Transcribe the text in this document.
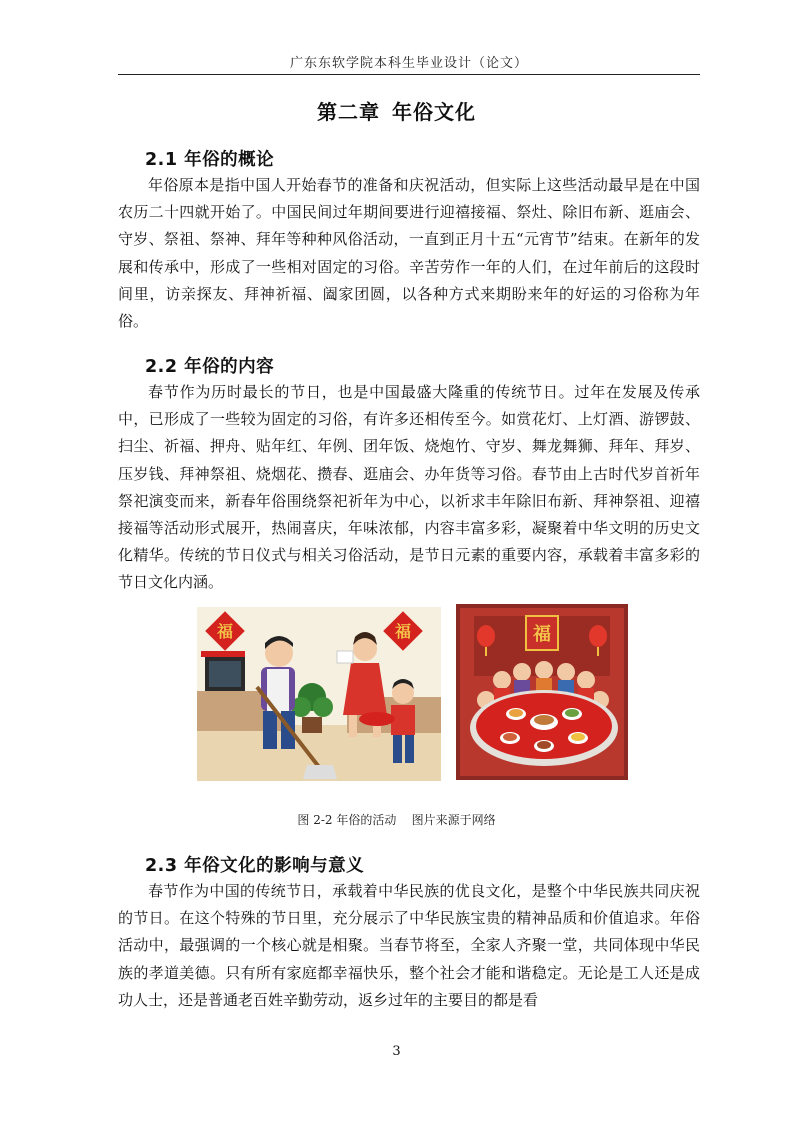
广东东软学院本科生毕业设计（论文）
第二章 年俗文化
2.1 年俗的概论

年俗原本是指中国人开始春节的准备和庆祝活动，但实际上这些活动最早是在中国农历二十四就开始了。中国民间过年期间要进行迎禧接福、祭灶、除旧布新、逛庙会、守岁、祭祖、祭神、拜年等种种风俗活动，一直到正月十五“元宵节”结束。在新年的发展和传承中，形成了一些相对固定的习俗。辛苦劳作一年的人们，在过年前后的这段时间里，访亲探友、拜神祈福、阖家团圆，以各种方式来期盼来年的好运的习俗称为年俗。

2.2 年俗的内容

春节作为历时最长的节日，也是中国最盛大隆重的传统节日。过年在发展及传承中，已形成了一些较为固定的习俗，有许多还相传至今。如赏花灯、上灯酒、游锣鼓、扫尘、祈福、押舟、贴年红、年例、团年饭、烧炮竹、守岁、舞龙舞狮、拜年、拜岁、压岁钱、拜神祭祖、烧烟花、攒春、逛庙会、办年货等习俗。春节由上古时代岁首祈年祭祀演变而来，新春年俗围绕祭祀祈年为中心，以祈求丰年除旧布新、拜神祭祖、迎禧接福等活动形式展开，热闹喜庆，年味浓郁，内容丰富多彩，凝聚着中华文明的历史文化精华。传统的节日仪式与相关习俗活动，是节日元素的重要内容，承载着丰富多彩的节日文化内涵。

福	福	福
图 2-2 年俗的活动    图片来源于网络
2.3 年俗文化的影响与意义

春节作为中国的传统节日，承载着中华民族的优良文化，是整个中华民族共同庆祝的节日。在这个特殊的节日里，充分展示了中华民族宝贵的精神品质和价值追求。年俗活动中，最强调的一个核心就是相聚。当春节将至，全家人齐聚一堂，共同体现中华民族的孝道美德。只有所有家庭都幸福快乐，整个社会才能和谐稳定。无论是工人还是成功人士，还是普通老百姓辛勤劳动，返乡过年的主要目的都是看

3
